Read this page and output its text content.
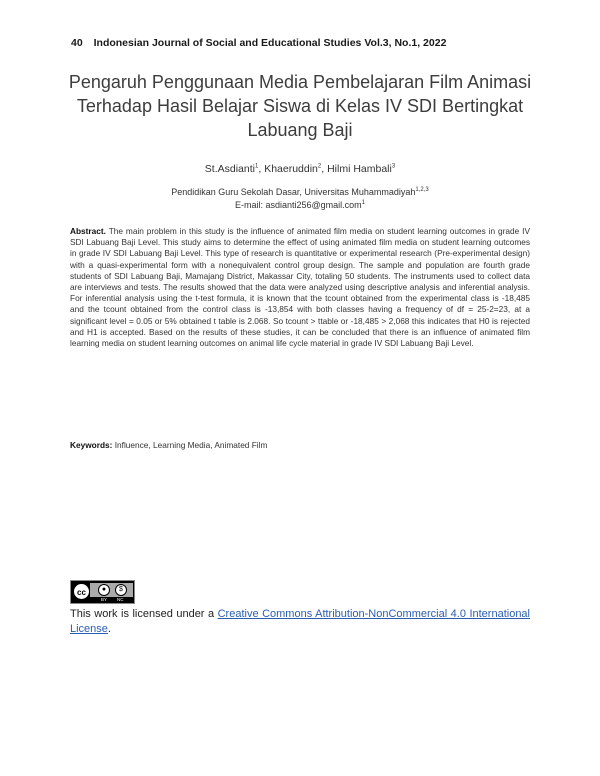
40 Indonesian Journal of Social and Educational Studies Vol.3, No.1, 2022
Pengaruh Penggunaan Media Pembelajaran Film Animasi Terhadap Hasil Belajar Siswa di Kelas IV SDI Bertingkat Labuang Baji
St.Asdianti$^1$, Khaeruddin$^2$, Hilmi Hambali$^3$
Pendidikan Guru Sekolah Dasar, Universitas Muhammadiyah$^{1,2,3}$
E-mail: asdianti256@gmail.com$^1$
Abstract. The main problem in this study is the influence of animated film media on student learning outcomes in grade IV SDI Labuang Baji Level. This study aims to determine the effect of using animated film media on student learning outcomes in grade IV SDI Labuang Baji Level. This type of research is quantitative or experimental research (Pre-experimental design) with a quasi-experimental form with a nonequivalent control group design. The sample and population are fourth grade students of SDI Labuang Baji, Mamajang District, Makassar City, totaling 50 students. The instruments used to collect data are interviews and tests. The results showed that the data were analyzed using descriptive analysis and inferential analysis. For inferential analysis using the t-test formula, it is known that the tcount obtained from the experimental class is -18,485 and the tcount obtained from the control class is -13,854 with both classes having a frequency of df = 25-2=23, at a significant level = 0.05 or 5% obtained t table is 2.068. So tcount > ttable or -18,485 > 2,068 this indicates that H0 is rejected and H1 is accepted. Based on the results of these studies, it can be concluded that there is an influence of animated film learning media on student learning outcomes on animal life cycle material in grade IV SDI Labuang Baji Level.
Keywords: Influence, Learning Media, Animated Film
cc	●	$
BY NC
This work is licensed under a Creative Commons Attribution-NonCommercial 4.0 International License.
